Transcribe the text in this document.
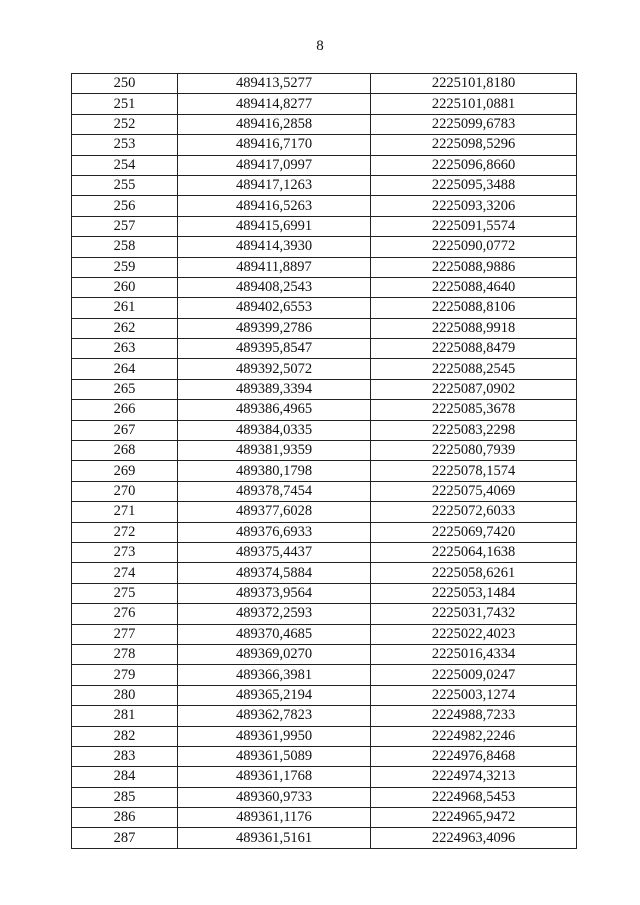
8
250	489413,5277	2225101,8180
251	489414,8277	2225101,0881
252	489416,2858	2225099,6783
253	489416,7170	2225098,5296
254	489417,0997	2225096,8660
255	489417,1263	2225095,3488
256	489416,5263	2225093,3206
257	489415,6991	2225091,5574
258	489414,3930	2225090,0772
259	489411,8897	2225088,9886
260	489408,2543	2225088,4640
261	489402,6553	2225088,8106
262	489399,2786	2225088,9918
263	489395,8547	2225088,8479
264	489392,5072	2225088,2545
265	489389,3394	2225087,0902
266	489386,4965	2225085,3678
267	489384,0335	2225083,2298
268	489381,9359	2225080,7939
269	489380,1798	2225078,1574
270	489378,7454	2225075,4069
271	489377,6028	2225072,6033
272	489376,6933	2225069,7420
273	489375,4437	2225064,1638
274	489374,5884	2225058,6261
275	489373,9564	2225053,1484
276	489372,2593	2225031,7432
277	489370,4685	2225022,4023
278	489369,0270	2225016,4334
279	489366,3981	2225009,0247
280	489365,2194	2225003,1274
281	489362,7823	2224988,7233
282	489361,9950	2224982,2246
283	489361,5089	2224976,8468
284	489361,1768	2224974,3213
285	489360,9733	2224968,5453
286	489361,1176	2224965,9472
287	489361,5161	2224963,4096
